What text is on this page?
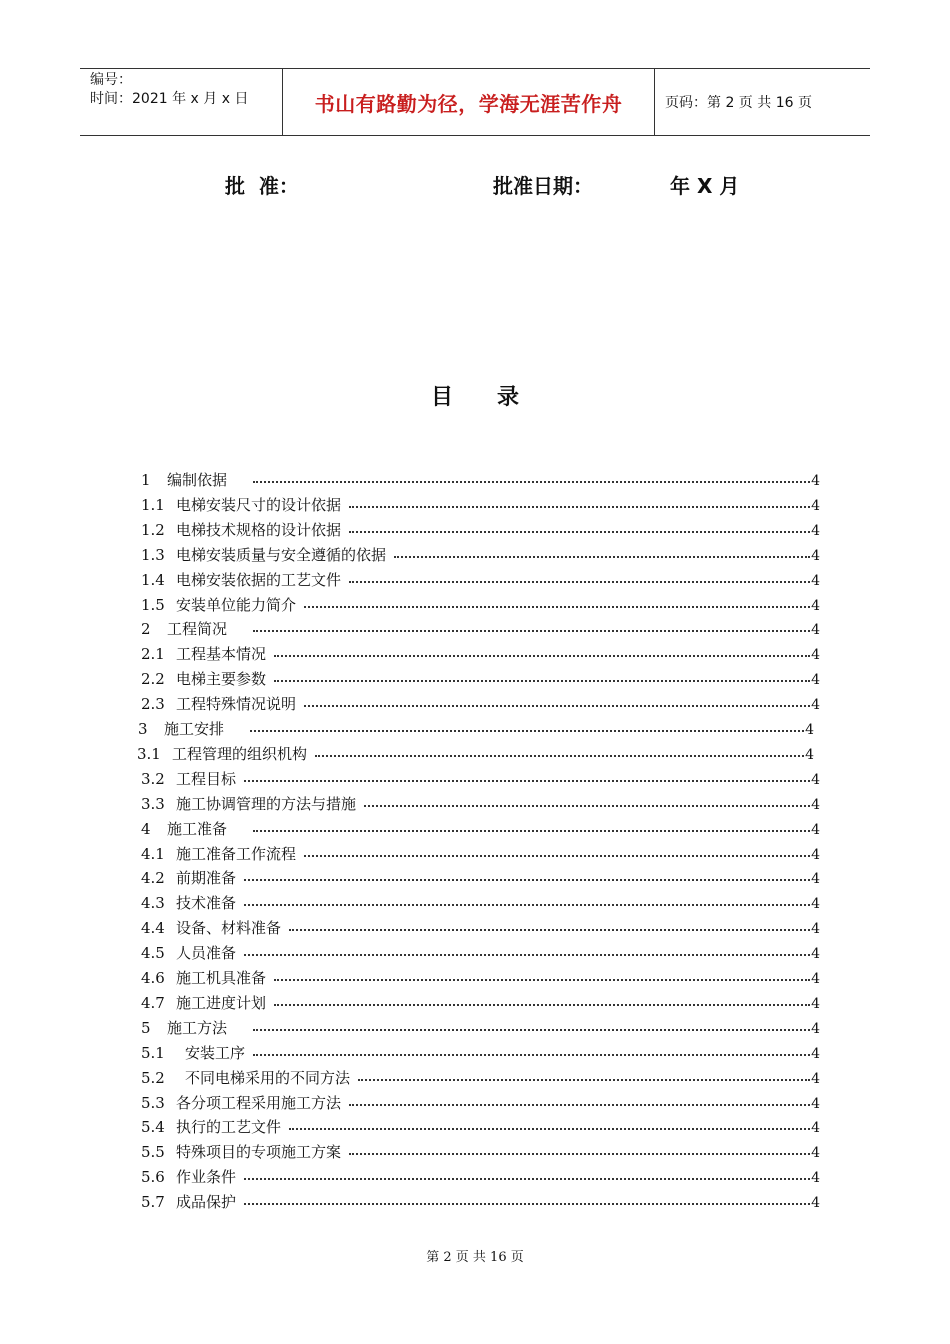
编号：
时间：2021 年 x 月 x 日	书山有路勤为径，学海无涯苦作舟	页码：第 2 页 共 16 页
批  准：	批准日期：	年 X 月
目录
1	编制依据	4
1.1 电梯安装尺寸的设计依据	4
1.2 电梯技术规格的设计依据	4
1.3 电梯安装质量与安全遵循的依据	4
1.4 电梯安装依据的工艺文件	4
1.5 安装单位能力简介	4
2	工程简况	4
2.1 工程基本情况	4
2.2 电梯主要参数	4
2.3 工程特殊情况说明	4
3	施工安排	4
3.1 工程管理的组织机构	4
3.2 工程目标	4
3.3 施工协调管理的方法与措施	4
4	施工准备	4
4.1 施工准备工作流程	4
4.2 前期准备	4
4.3 技术准备	4
4.4 设备、材料准备	4
4.5 人员准备	4
4.6 施工机具准备	4
4.7 施工进度计划	4
5	施工方法	4
5.1	安装工序	4
5.2	不同电梯采用的不同方法	4
5.3 各分项工程采用施工方法	4
5.4 执行的工艺文件	4
5.5 特殊项目的专项施工方案	4
5.6 作业条件	4
5.7 成品保护	4
第 2 页 共 16 页
